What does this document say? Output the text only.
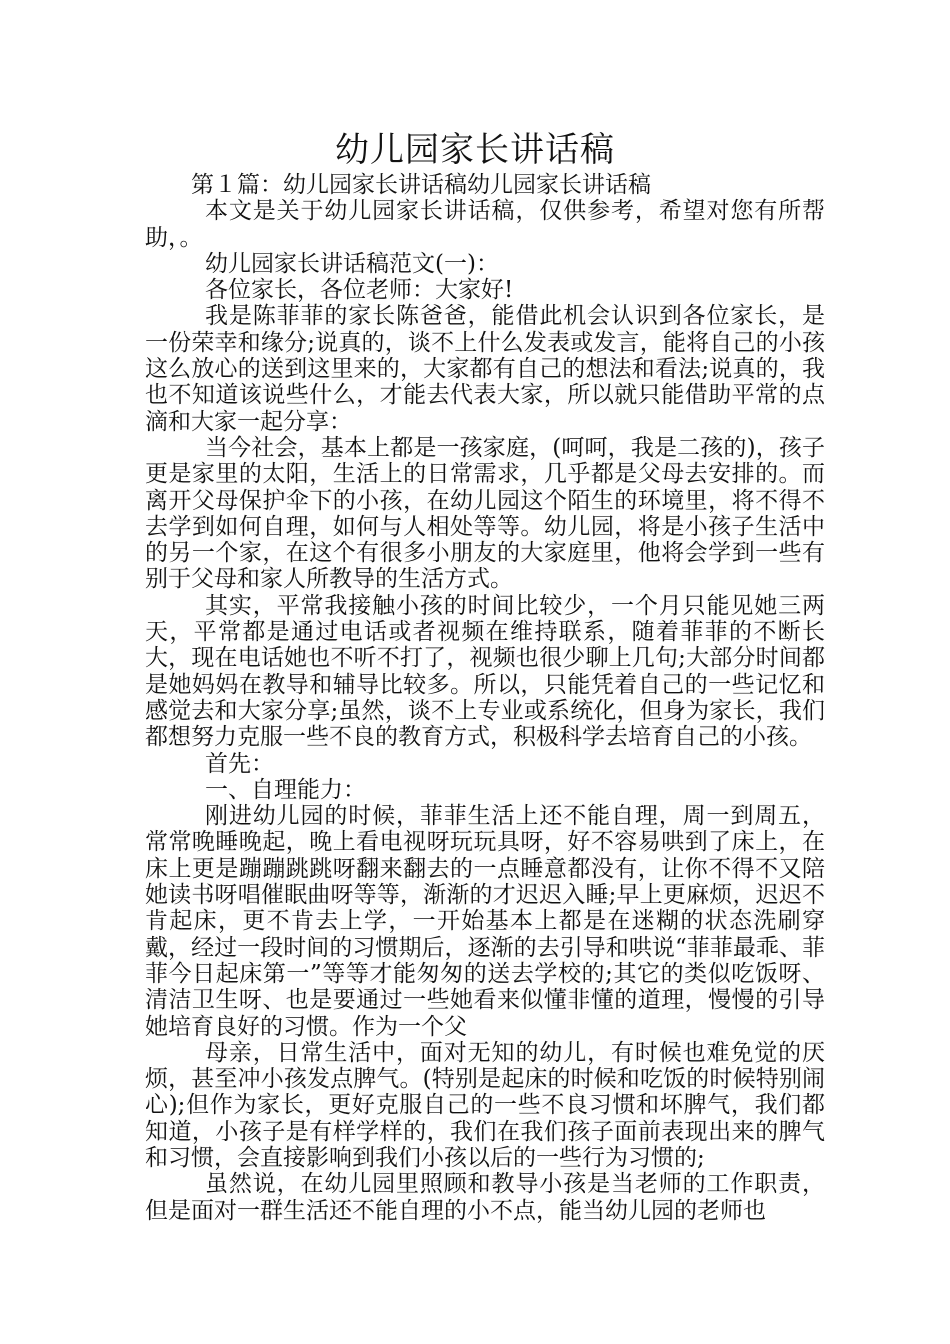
幼儿园家长讲话稿

第１篇：幼儿园家长讲话稿幼儿园家长讲话稿

本文是关于幼儿园家长讲话稿，仅供参考，希望对您有所帮助，。

幼儿园家长讲话稿范文(一)：

各位家长，各位老师：大家好!

我是陈菲菲的家长陈爸爸，能借此机会认识到各位家长，是一份荣幸和缘分;说真的，谈不上什么发表或发言，能将自己的小孩这么放心的送到这里来的，大家都有自己的想法和看法;说真的，我也不知道该说些什么，才能去代表大家，所以就只能借助平常的点滴和大家一起分享：

当今社会，基本上都是一孩家庭，(呵呵，我是二孩的)，孩子更是家里的太阳，生活上的日常需求，几乎都是父母去安排的。而离开父母保护伞下的小孩，在幼儿园这个陌生的环境里，将不得不去学到如何自理，如何与人相处等等。幼儿园，将是小孩子生活中的另一个家，在这个有很多小朋友的大家庭里，他将会学到一些有别于父母和家人所教导的生活方式。

其实，平常我接触小孩的时间比较少，一个月只能见她三两天，平常都是通过电话或者视频在维持联系，随着菲菲的不断长大，现在电话她也不听不打了，视频也很少聊上几句;大部分时间都是她妈妈在教导和辅导比较多。所以，只能凭着自己的一些记忆和感觉去和大家分享;虽然，谈不上专业或系统化，但身为家长，我们都想努力克服一些不良的教育方式，积极科学去培育自己的小孩。

首先：

一、自理能力：

刚进幼儿园的时候，菲菲生活上还不能自理，周一到周五，常常晚睡晚起，晚上看电视呀玩玩具呀，好不容易哄到了床上，在床上更是蹦蹦跳跳呀翻来翻去的一点睡意都没有，让你不得不又陪她读书呀唱催眠曲呀等等，渐渐的才迟迟入睡;早上更麻烦，迟迟不肯起床，更不肯去上学，一开始基本上都是在迷糊的状态洗刷穿戴，经过一段时间的习惯期后，逐渐的去引导和哄说“菲菲最乖、菲菲今日起床第一”等等才能匆匆的送去学校的;其它的类似吃饭呀、清洁卫生呀、也是要通过一些她看来似懂非懂的道理，慢慢的引导她培育良好的习惯。作为一个父

母亲，日常生活中，面对无知的幼儿，有时候也难免觉的厌烦，甚至冲小孩发点脾气。(特别是起床的时候和吃饭的时候特别闹心);但作为家长，更好克服自己的一些不良习惯和坏脾气，我们都知道，小孩子是有样学样的，我们在我们孩子面前表现出来的脾气和习惯，会直接影响到我们小孩以后的一些行为习惯的;

虽然说，在幼儿园里照顾和教导小孩是当老师的工作职责，但是面对一群生活还不能自理的小不点，能当幼儿园的老师也
